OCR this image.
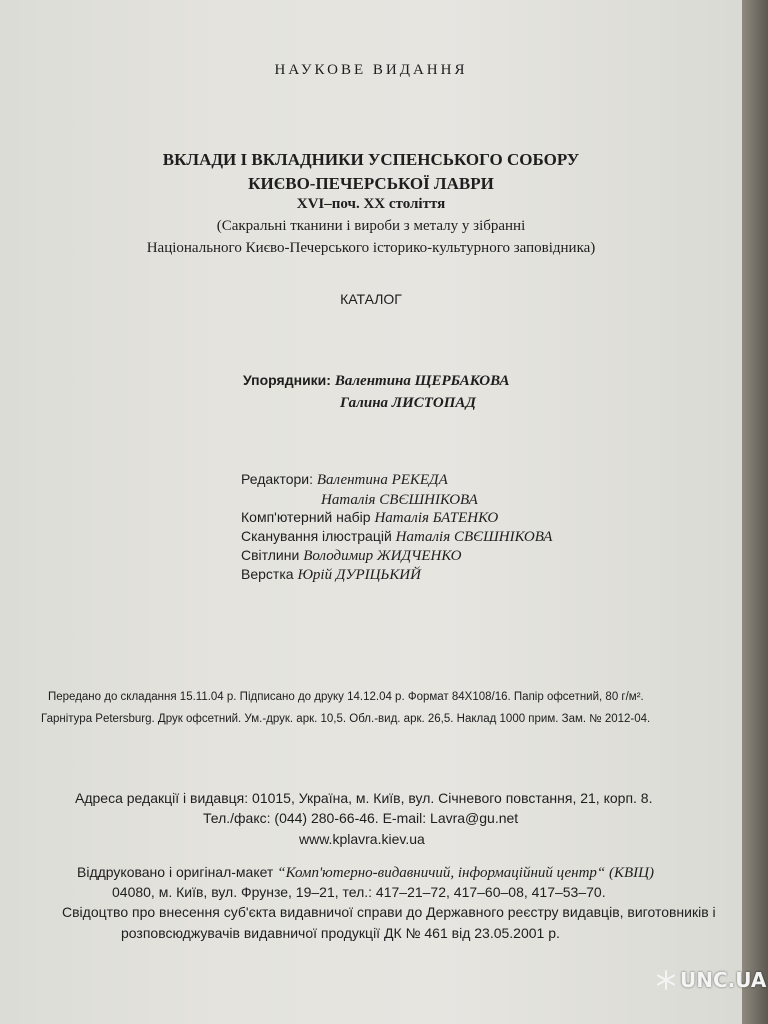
НАУКОВЕ ВИДАННЯ
ВКЛАДИ І ВКЛАДНИКИ УСПЕНСЬКОГО СОБОРУ
КИЄВО-ПЕЧЕРСЬКОЇ ЛАВРИ
XVI–поч. XX століття
(Сакральні тканини і вироби з металу у зібранні
Національного Києво-Печерського історико-культурного заповідника)
КАТАЛОГ
Упорядники: Валентина ЩЕРБАКОВА
Галина ЛИСТОПАД
Редактори: Валентина РЕКЕДА
Наталія СВЄШНІКОВА
Комп'ютерний набір Наталія БАТЕНКО
Сканування ілюстрацій Наталія СВЄШНІКОВА
Світлини Володимир ЖИДЧЕНКО
Верстка Юрій ДУРІЦЬКИЙ
Передано до складання 15.11.04 р. Підписано до друку 14.12.04 р. Формат 84Х108/16. Папір офсетний, 80 г/м².
Гарнітура Petersburg. Друк офсетний. Ум.-друк. арк. 10,5. Обл.-вид. арк. 26,5. Наклад 1000 прим. Зам. № 2012-04.
Адреса редакції і видавця: 01015, Україна, м. Київ, вул. Січневого повстання, 21, корп. 8.
Тел./факс: (044) 280-66-46. E-mail: Lavra@gu.net
www.kplavra.kiev.ua
Віддруковано і оригінал-макет “Комп'ютерно-видавничий, інформаційний центр“ (КВІЦ)
04080, м. Київ, вул. Фрунзе, 19–21, тел.: 417–21–72, 417–60–08, 417–53–70.
Свідоцтво про внесення суб'єкта видавничої справи до Державного реєстру видавців, виготовників і
розповсюджувачів видавничої продукції ДК № 461 від 23.05.2001 р.
UNC.UA
